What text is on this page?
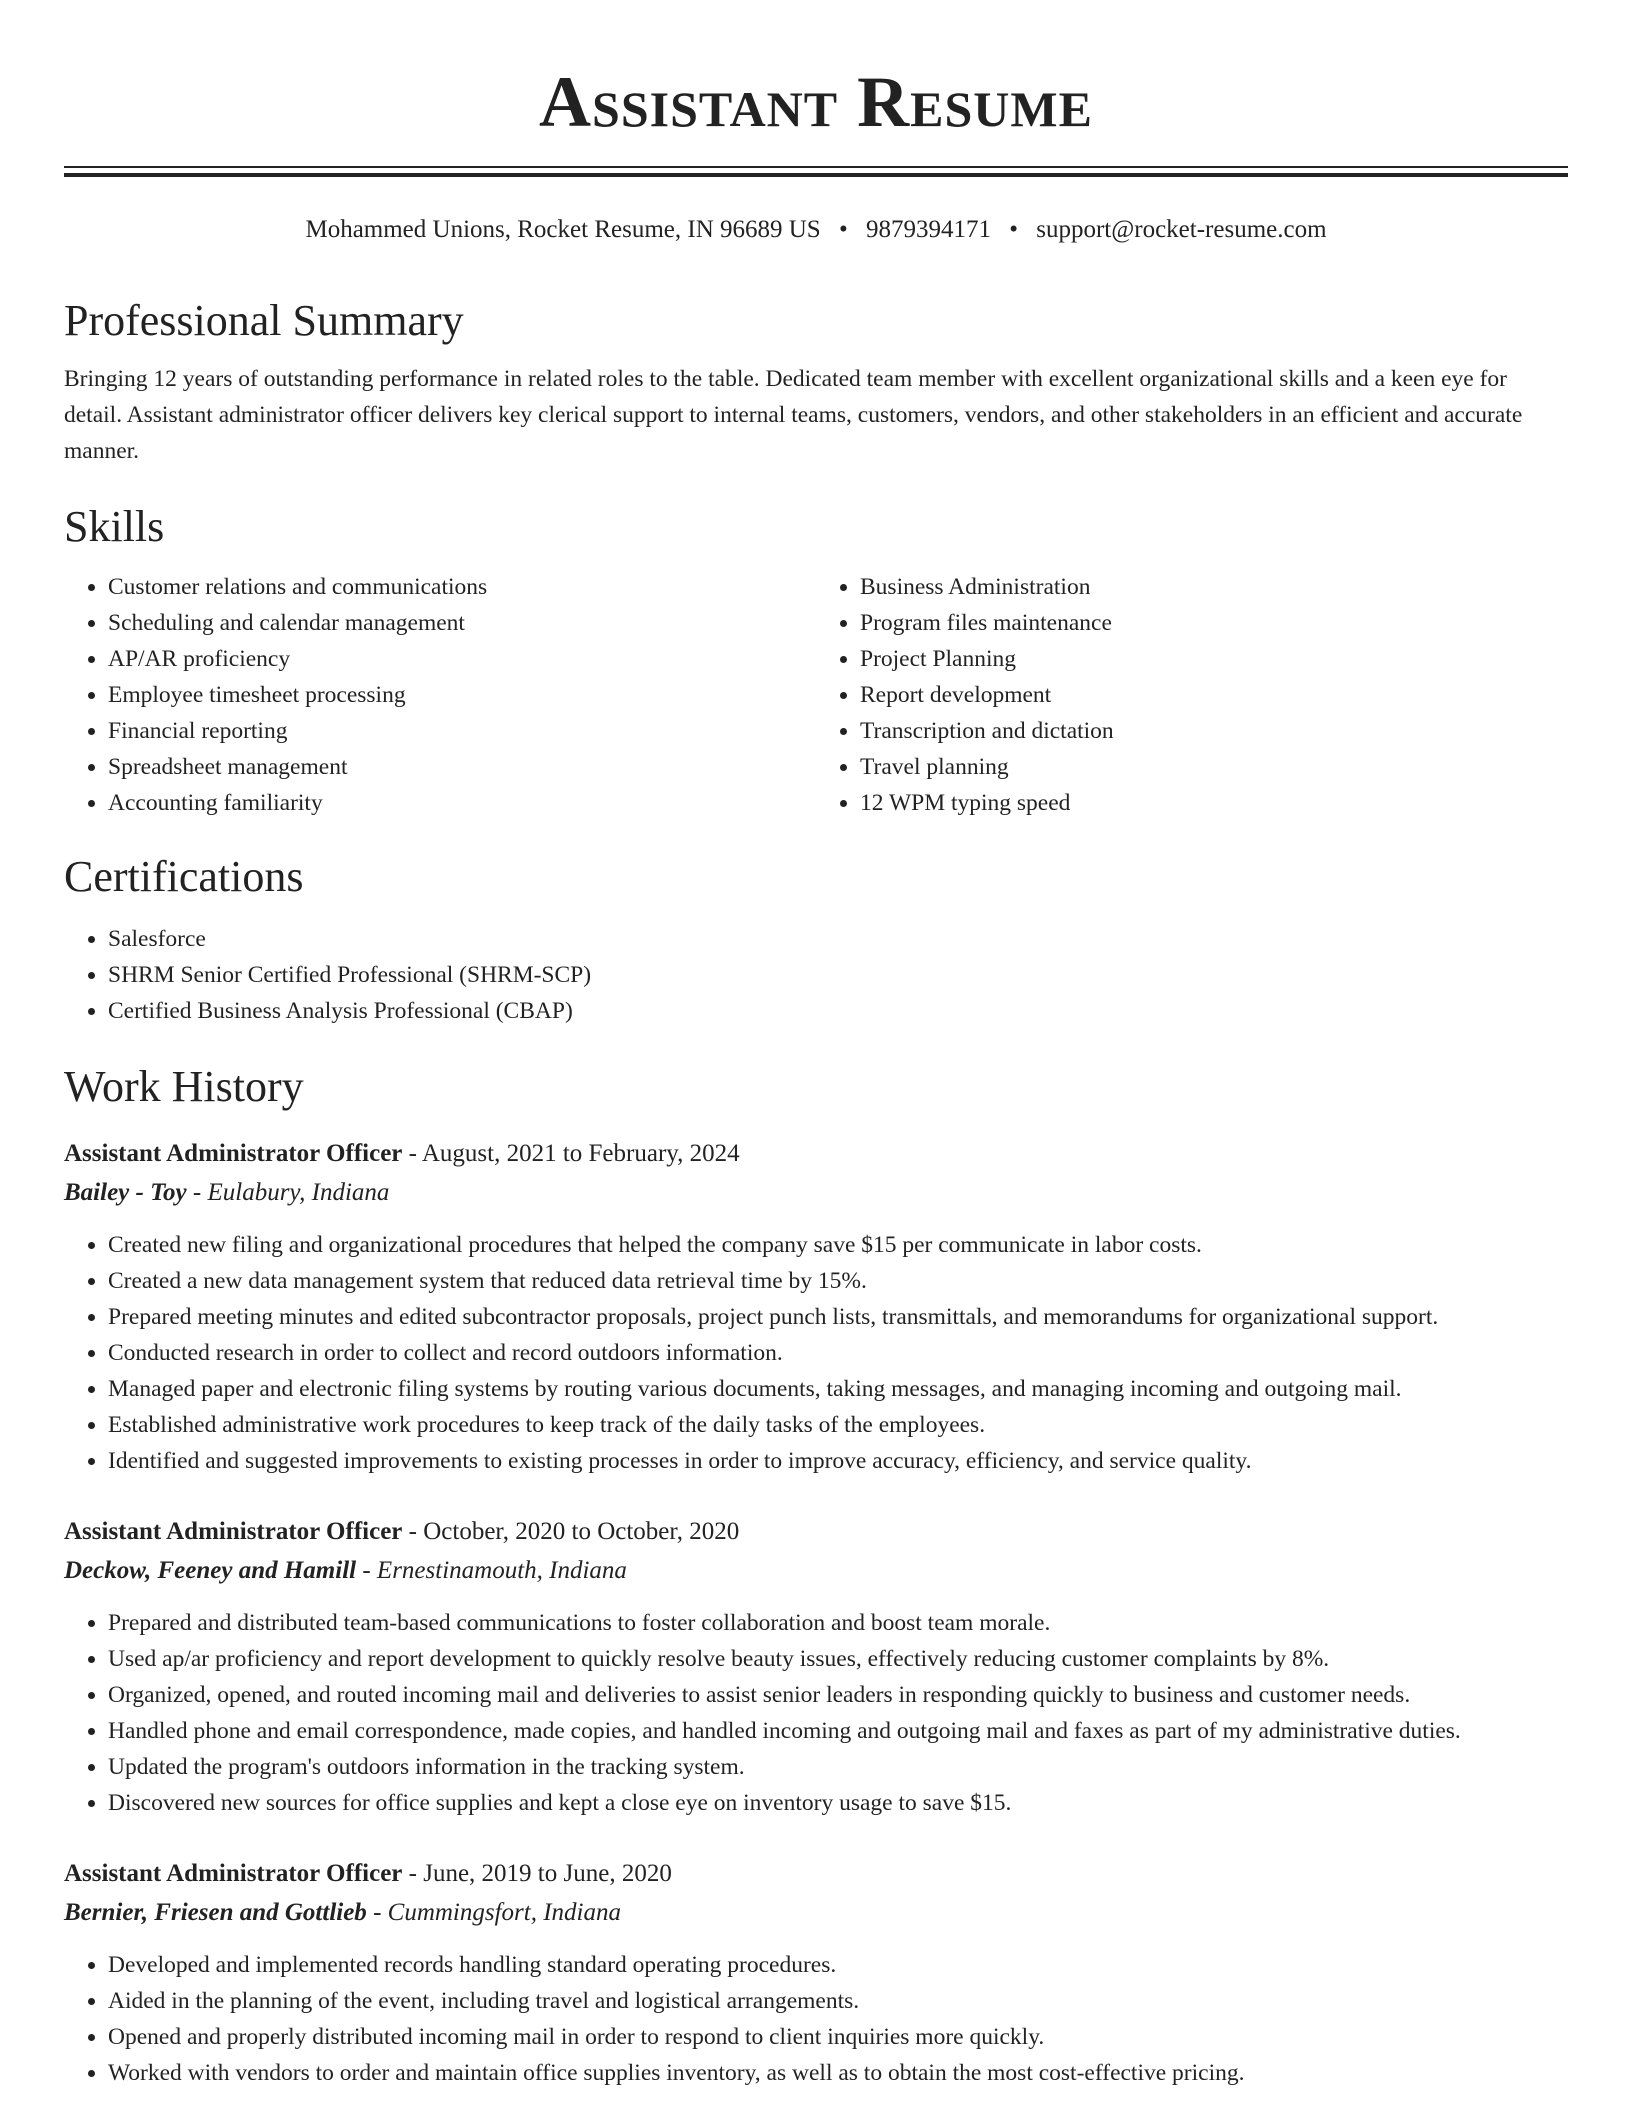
Assistant Resume
Mohammed Unions, Rocket Resume, IN 96689 US • 9879394171 • support@rocket-resume.com
Professional Summary

Bringing 12 years of outstanding performance in related roles to the table. Dedicated team member with excellent organizational skills and a keen eye for detail. Assistant administrator officer delivers key clerical support to internal teams, customers, vendors, and other stakeholders in an efficient and accurate manner.

Skills
• Customer relations and communications
• Scheduling and calendar management
• AP/AR proficiency
• Employee timesheet processing
• Financial reporting
• Spreadsheet management
• Accounting familiarity
• Business Administration
• Program files maintenance
• Project Planning
• Report development
• Transcription and dictation
• Travel planning
• 12 WPM typing speed
Certifications
• Salesforce
• SHRM Senior Certified Professional (SHRM-SCP)
• Certified Business Analysis Professional (CBAP)
Work History
Assistant Administrator Officer - August, 2021 to February, 2024
Bailey - Toy - Eulabury, Indiana
• Created new filing and organizational procedures that helped the company save $15 per communicate in labor costs.
• Created a new data management system that reduced data retrieval time by 15%.
• Prepared meeting minutes and edited subcontractor proposals, project punch lists, transmittals, and memorandums for organizational support.
• Conducted research in order to collect and record outdoors information.
• Managed paper and electronic filing systems by routing various documents, taking messages, and managing incoming and outgoing mail.
• Established administrative work procedures to keep track of the daily tasks of the employees.
• Identified and suggested improvements to existing processes in order to improve accuracy, efficiency, and service quality.
Assistant Administrator Officer - October, 2020 to October, 2020
Deckow, Feeney and Hamill - Ernestinamouth, Indiana
• Prepared and distributed team-based communications to foster collaboration and boost team morale.
• Used ap/ar proficiency and report development to quickly resolve beauty issues, effectively reducing customer complaints by 8%.
• Organized, opened, and routed incoming mail and deliveries to assist senior leaders in responding quickly to business and customer needs.
• Handled phone and email correspondence, made copies, and handled incoming and outgoing mail and faxes as part of my administrative duties.
• Updated the program's outdoors information in the tracking system.
• Discovered new sources for office supplies and kept a close eye on inventory usage to save $15.
Assistant Administrator Officer - June, 2019 to June, 2020
Bernier, Friesen and Gottlieb - Cummingsfort, Indiana
• Developed and implemented records handling standard operating procedures.
• Aided in the planning of the event, including travel and logistical arrangements.
• Opened and properly distributed incoming mail in order to respond to client inquiries more quickly.
• Worked with vendors to order and maintain office supplies inventory, as well as to obtain the most cost-effective pricing.
